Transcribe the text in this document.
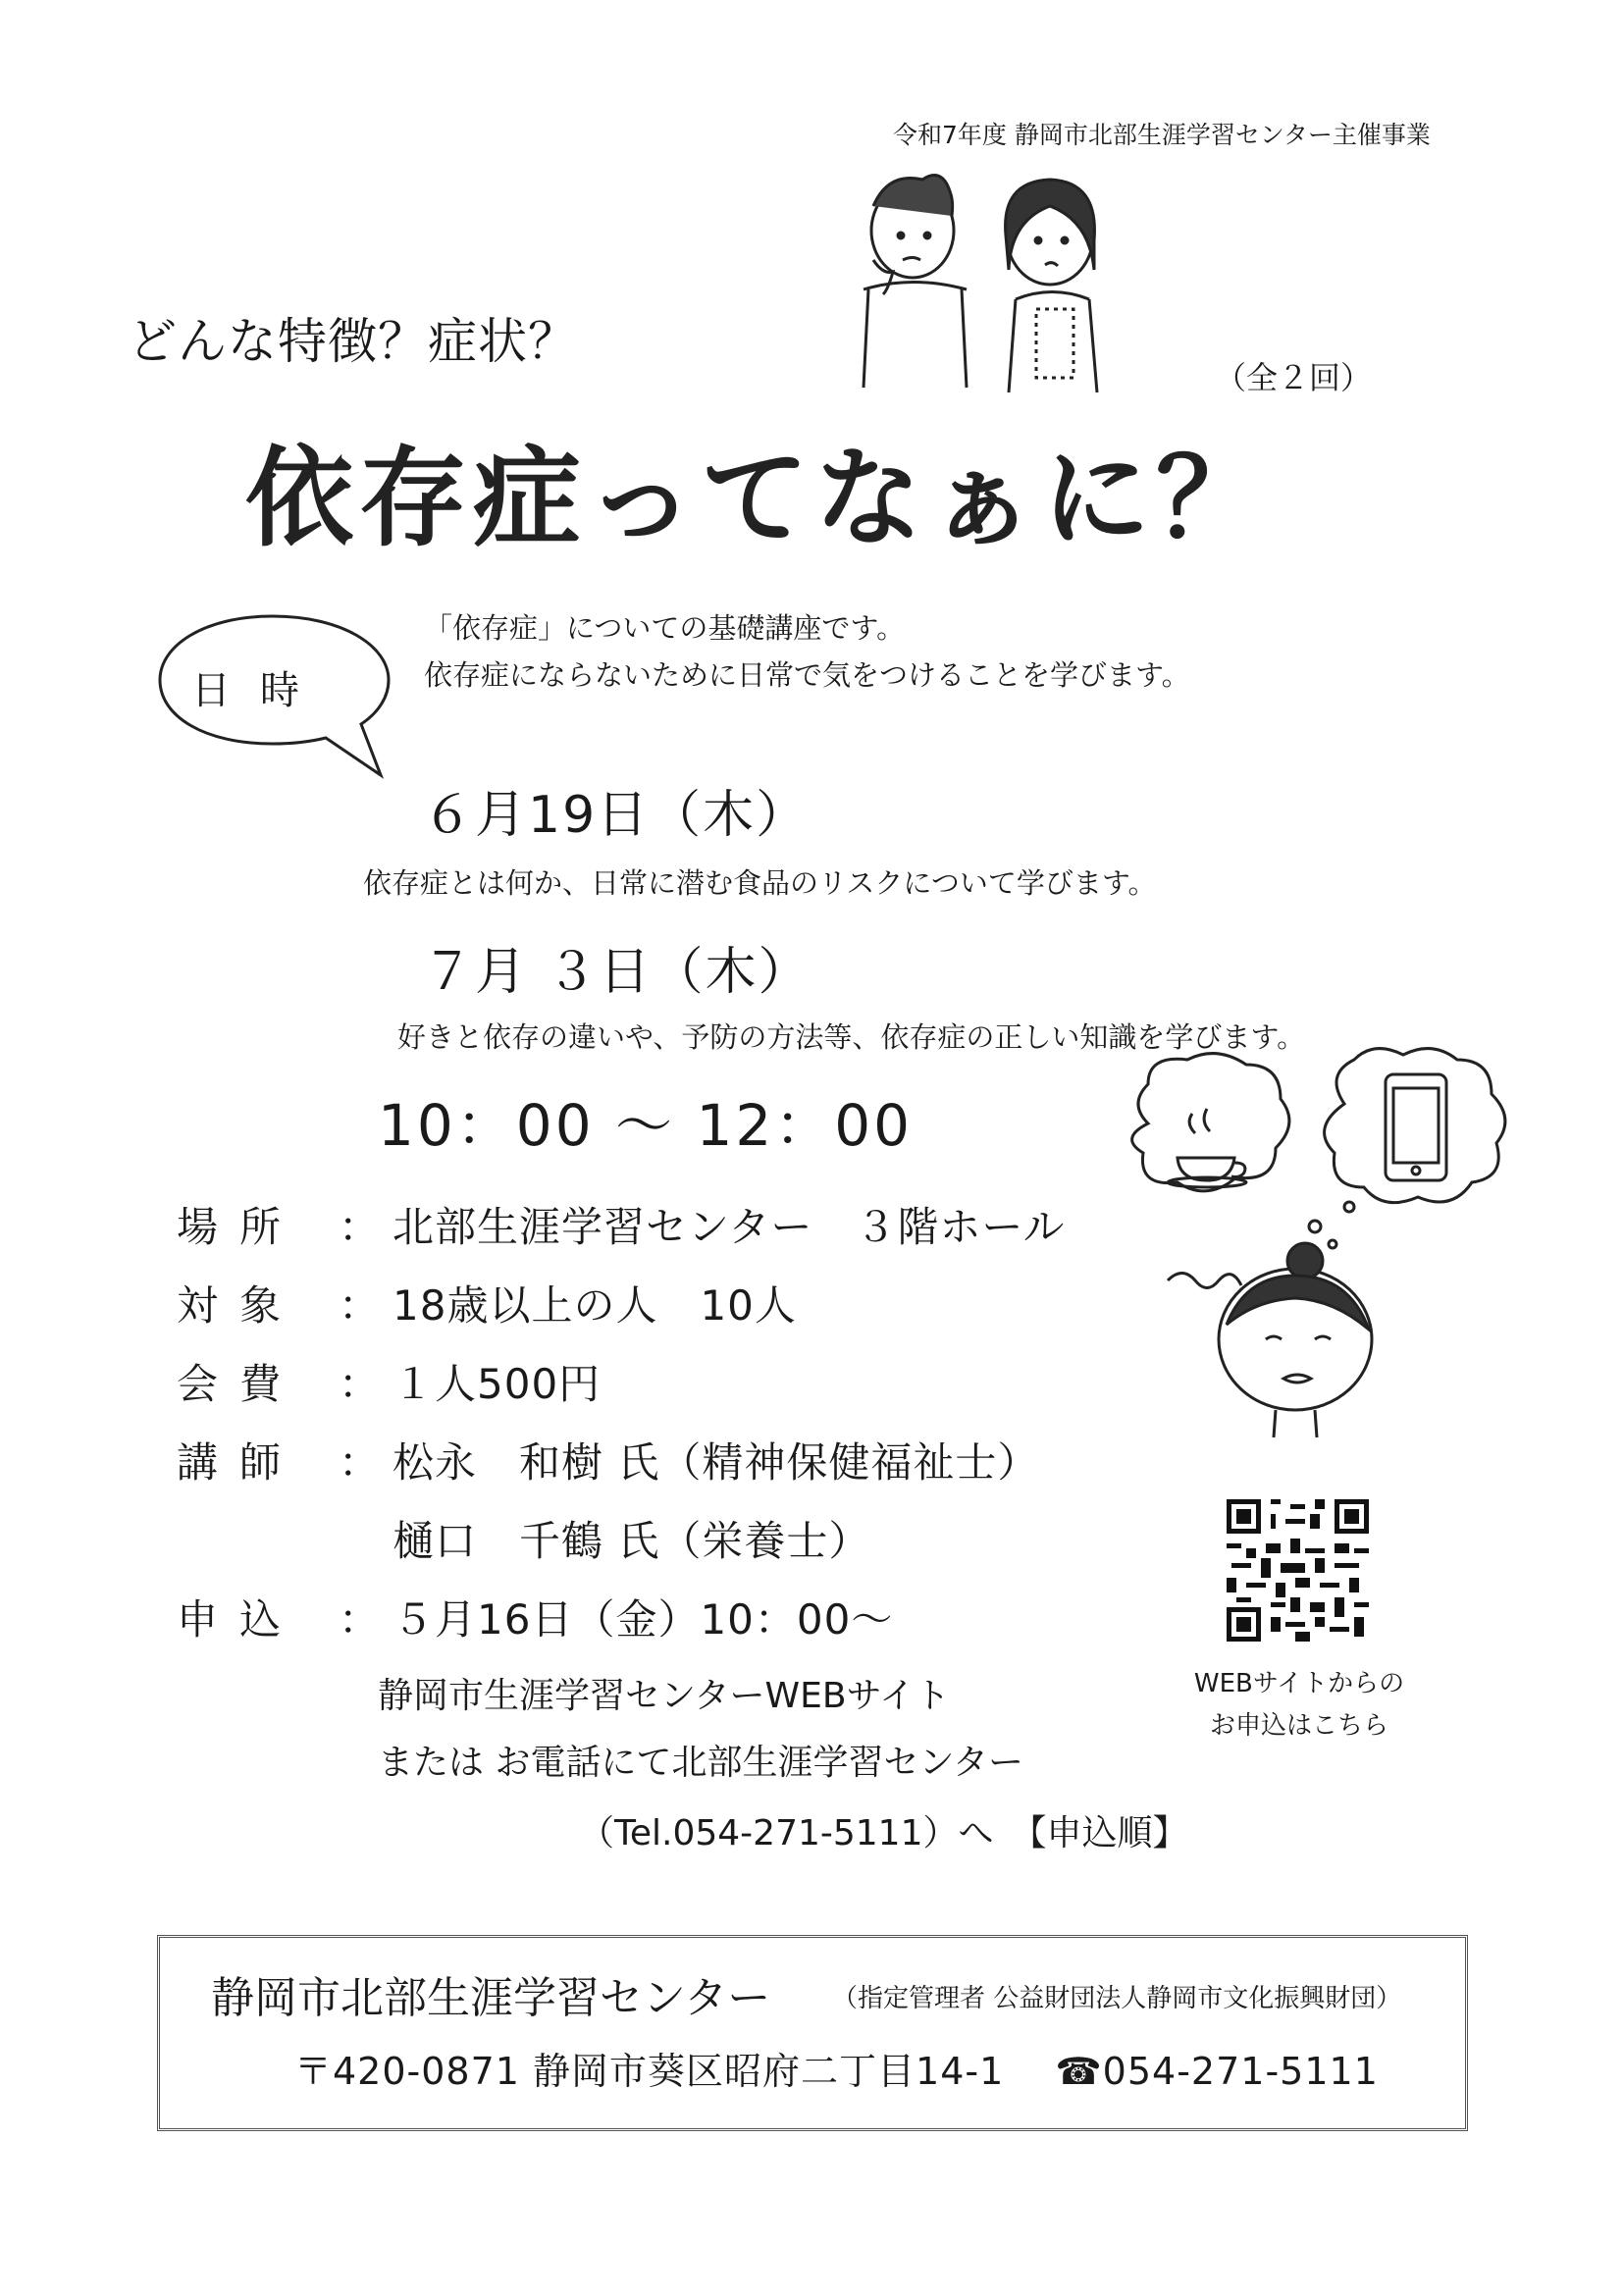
令和7年度 静岡市北部生涯学習センター主催事業
どんな特徴？症状？
（全２回）
依存症ってなぁに？
「依存症」についての基礎講座です。
依存症にならないために日常で気をつけることを学びます。
日時
６月19日（木）
依存症とは何か、日常に潜む食品のリスクについて学びます。
７月 ３日（木）
好きと依存の違いや、予防の方法等、依存症の正しい知識を学びます。
10：00 ～ 12：00
場所 ： 北部生涯学習センター　３階ホール
対象 ： 18歳以上の人　10人
会費 ： １人500円
講師 ： 松永　和樹 氏（精神保健福祉士）
樋口　千鶴 氏（栄養士）
申込 ： ５月16日（金）10：00～
静岡市生涯学習センターWEBサイト
または お電話にて北部生涯学習センター
（Tel.054-271-5111）へ　【申込順】
WEBサイトからの
お申込はこちら
静岡市北部生涯学習センター （指定管理者 公益財団法人静岡市文化振興財団）
〒420-0871 静岡市葵区昭府二丁目14-1　 ☎054-271-5111
